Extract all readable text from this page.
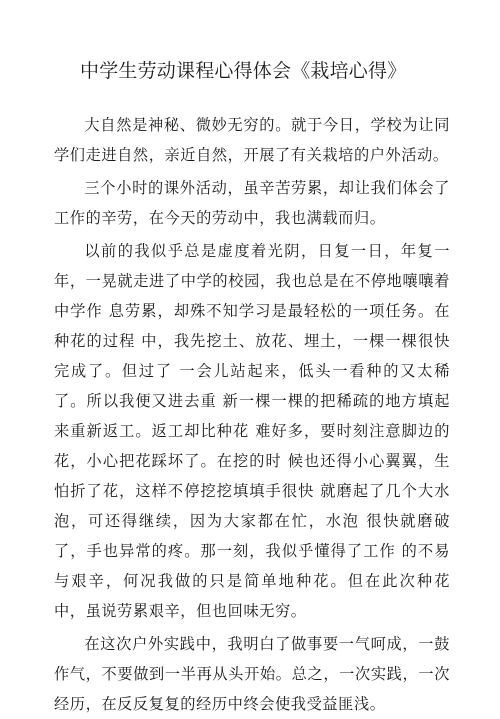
中学生劳动课程心得体会《栽培心得》

大自然是神秘、微妙无穷的。就于今日，学校为让同学们走进自然，亲近自然，开展了有关栽培的户外活动。

三个小时的课外活动，虽辛苦劳累，却让我们体会了工作的辛劳，在今天的劳动中，我也满载而归。

以前的我似乎总是虚度着光阴，日复一日，年复一年，一晃就走进了中学的校园，我也总是在不停地嚷嚷着中学作 息劳累，却殊不知学习是最轻松的一项任务。在种花的过程 中，我先挖土、放花、埋土，一棵一棵很快完成了。但过了 一会儿站起来，低头一看种的又太稀了。所以我便又进去重 新一棵一棵的把稀疏的地方填起来重新返工。返工却比种花 难好多，要时刻注意脚边的花，小心把花踩坏了。在挖的时 候也还得小心翼翼，生怕折了花，这样不停挖挖填填手很快 就磨起了几个大水泡，可还得继续，因为大家都在忙，水泡 很快就磨破了，手也异常的疼。那一刻，我似乎懂得了工作 的不易与艰辛，何况我做的只是简单地种花。但在此次种花 中，虽说劳累艰辛，但也回味无穷。

在这次户外实践中，我明白了做事要一气呵成，一鼓作气，不要做到一半再从头开始。总之，一次实践，一次经历，在反反复复的经历中终会使我受益匪浅。
